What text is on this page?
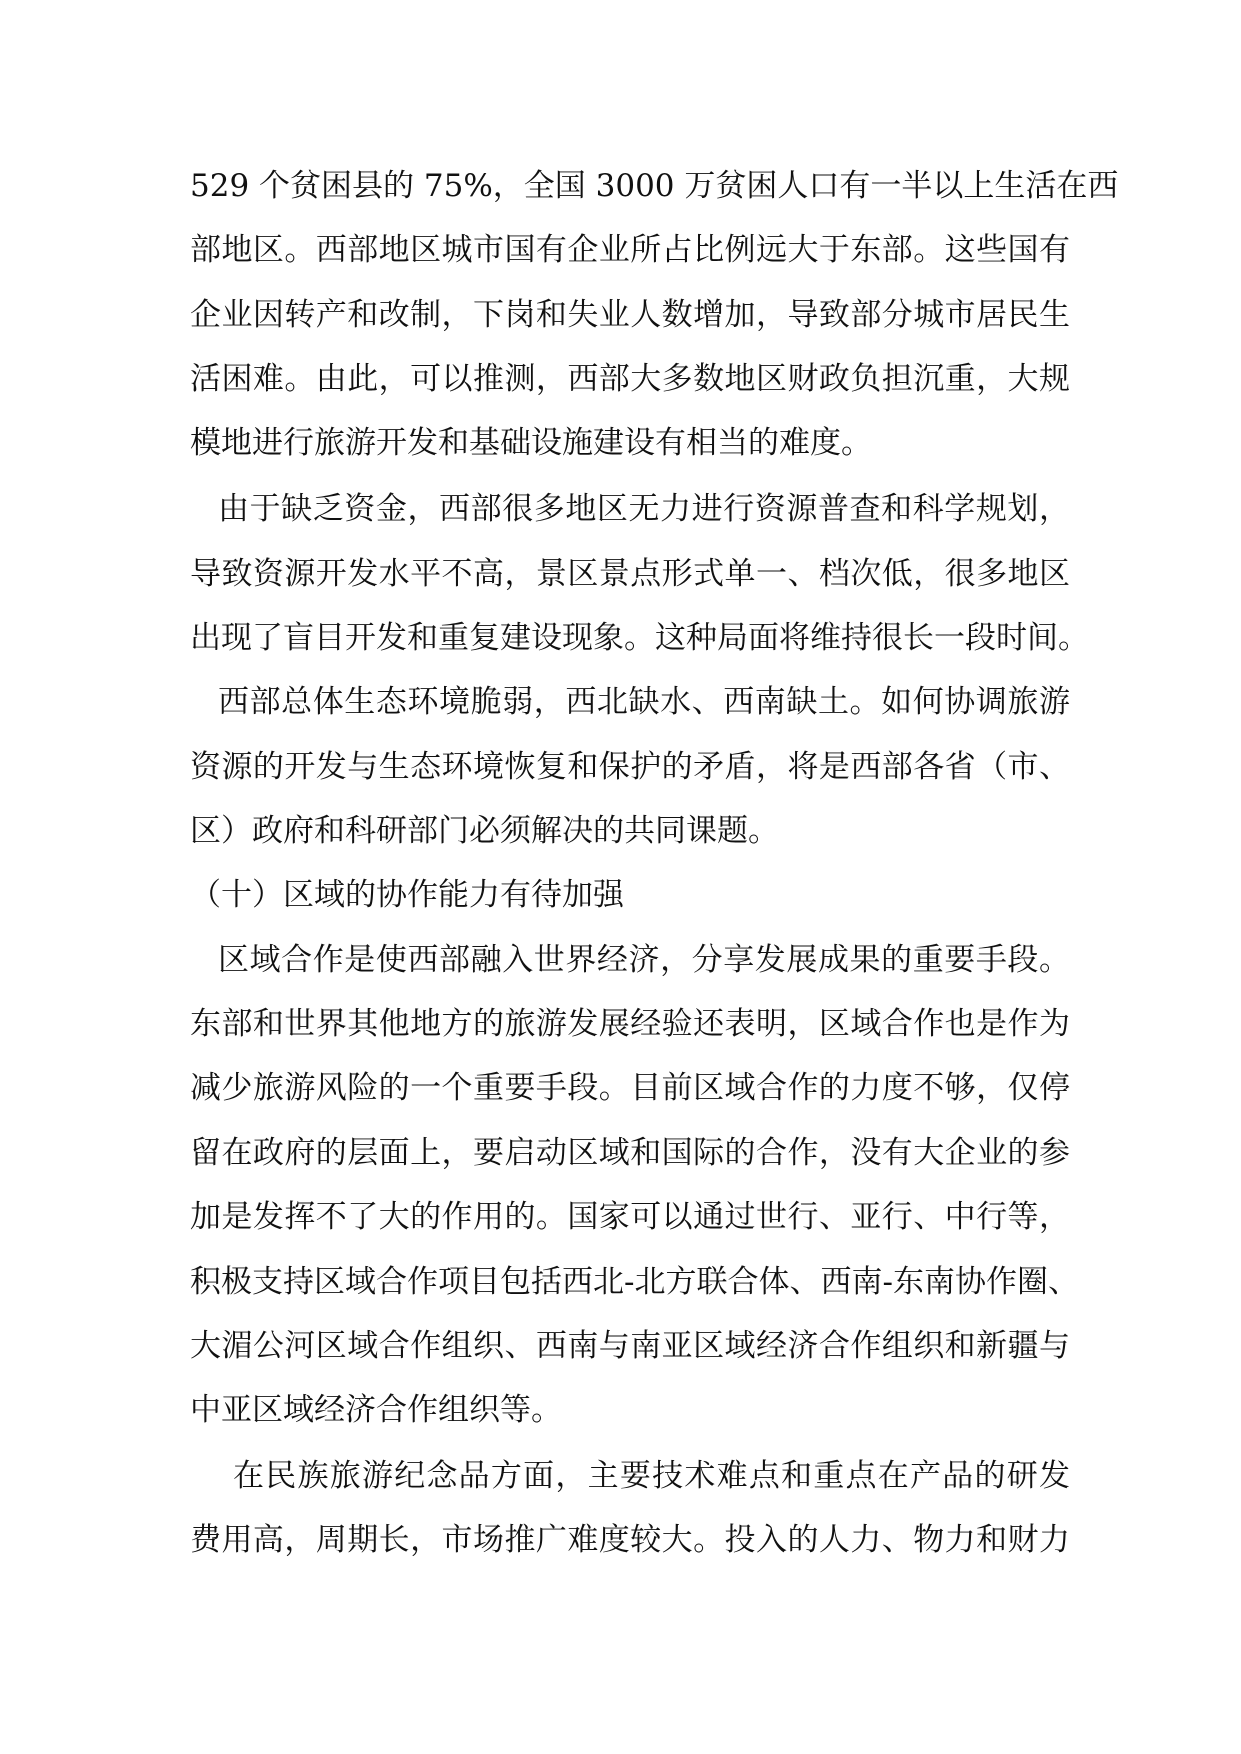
529 个贫困县的 75%，全国 3000 万贫困人口有一半以上生活在西
部地区。西部地区城市国有企业所占比例远大于东部。这些国有
企业因转产和改制，下岗和失业人数增加，导致部分城市居民生
活困难。由此，可以推测，西部大多数地区财政负担沉重，大规
模地进行旅游开发和基础设施建设有相当的难度。
由于缺乏资金，西部很多地区无力进行资源普查和科学规划，
导致资源开发水平不高，景区景点形式单一、档次低，很多地区
出现了盲目开发和重复建设现象。这种局面将维持很长一段时间。
西部总体生态环境脆弱，西北缺水、西南缺土。如何协调旅游
资源的开发与生态环境恢复和保护的矛盾，将是西部各省（市、
区）政府和科研部门必须解决的共同课题。
（十）区域的协作能力有待加强
区域合作是使西部融入世界经济，分享发展成果的重要手段。
东部和世界其他地方的旅游发展经验还表明，区域合作也是作为
减少旅游风险的一个重要手段。目前区域合作的力度不够，仅停
留在政府的层面上，要启动区域和国际的合作，没有大企业的参
加是发挥不了大的作用的。国家可以通过世行、亚行、中行等，
积极支持区域合作项目包括西北-北方联合体、西南-东南协作圈、
大湄公河区域合作组织、西南与南亚区域经济合作组织和新疆与
中亚区域经济合作组织等。
在民族旅游纪念品方面，主要技术难点和重点在产品的研发
费用高，周期长，市场推广难度较大。投入的人力、物力和财力
